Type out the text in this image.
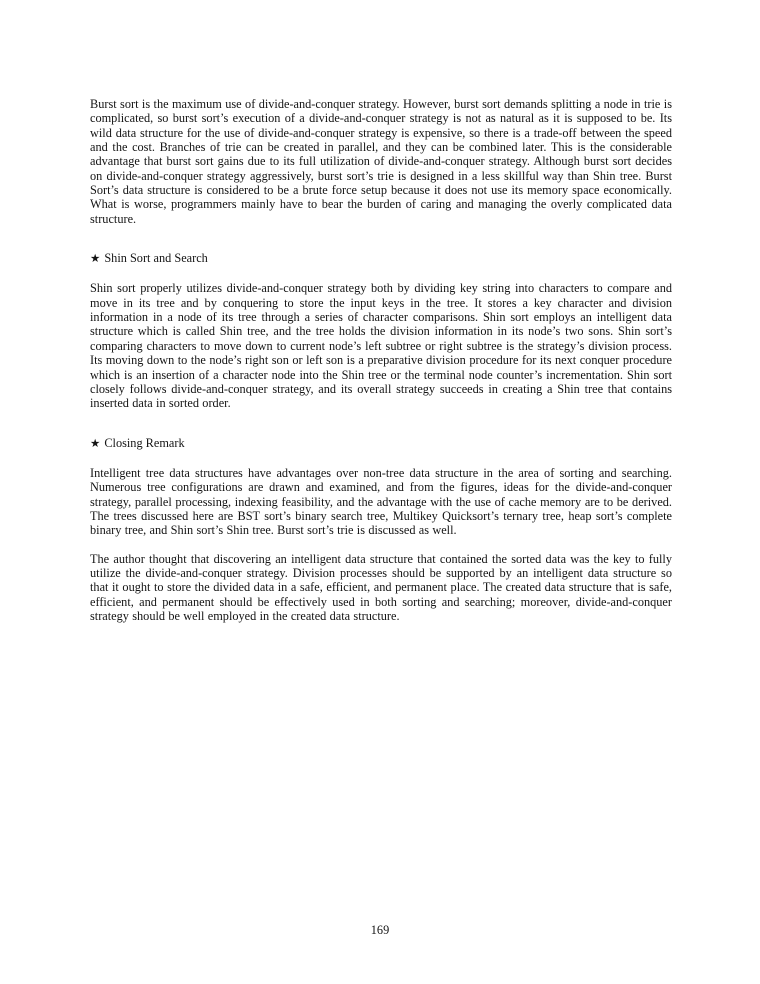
Burst sort is the maximum use of divide-and-conquer strategy. However, burst sort demands splitting a node in trie is complicated, so burst sort’s execution of a divide-and-conquer strategy is not as natural as it is supposed to be. Its wild data structure for the use of divide-and-conquer strategy is expensive, so there is a trade-off between the speed and the cost. Branches of trie can be created in parallel, and they can be combined later. This is the considerable advantage that burst sort gains due to its full utilization of divide-and-conquer strategy. Although burst sort decides on divide-and-conquer strategy aggressively, burst sort’s trie is designed in a less skillful way than Shin tree. Burst Sort’s data structure is considered to be a brute force setup because it does not use its memory space economically. What is worse, programmers mainly have to bear the burden of caring and managing the overly complicated data structure.

★ Shin Sort and Search

Shin sort properly utilizes divide-and-conquer strategy both by dividing key string into characters to compare and move in its tree and by conquering to store the input keys in the tree. It stores a key character and division information in a node of its tree through a series of character comparisons. Shin sort employs an intelligent data structure which is called Shin tree, and the tree holds the division information in its node’s two sons. Shin sort’s comparing characters to move down to current node’s left subtree or right subtree is the strategy’s division process. Its moving down to the node’s right son or left son is a preparative division procedure for its next conquer procedure which is an insertion of a character node into the Shin tree or the terminal node counter’s incrementation. Shin sort closely follows divide-and-conquer strategy, and its overall strategy succeeds in creating a Shin tree that contains inserted data in sorted order.

★ Closing Remark

Intelligent tree data structures have advantages over non-tree data structure in the area of sorting and searching. Numerous tree configurations are drawn and examined, and from the figures, ideas for the divide-and-conquer strategy, parallel processing, indexing feasibility, and the advantage with the use of cache memory are to be derived. The trees discussed here are BST sort’s binary search tree, Multikey Quicksort’s ternary tree, heap sort’s complete binary tree, and Shin sort’s Shin tree. Burst sort’s trie is discussed as well.

The author thought that discovering an intelligent data structure that contained the sorted data was the key to fully utilize the divide-and-conquer strategy. Division processes should be supported by an intelligent data structure so that it ought to store the divided data in a safe, efficient, and permanent place. The created data structure that is safe, efficient, and permanent should be effectively used in both sorting and searching; moreover, divide-and-conquer strategy should be well employed in the created data structure.

169
